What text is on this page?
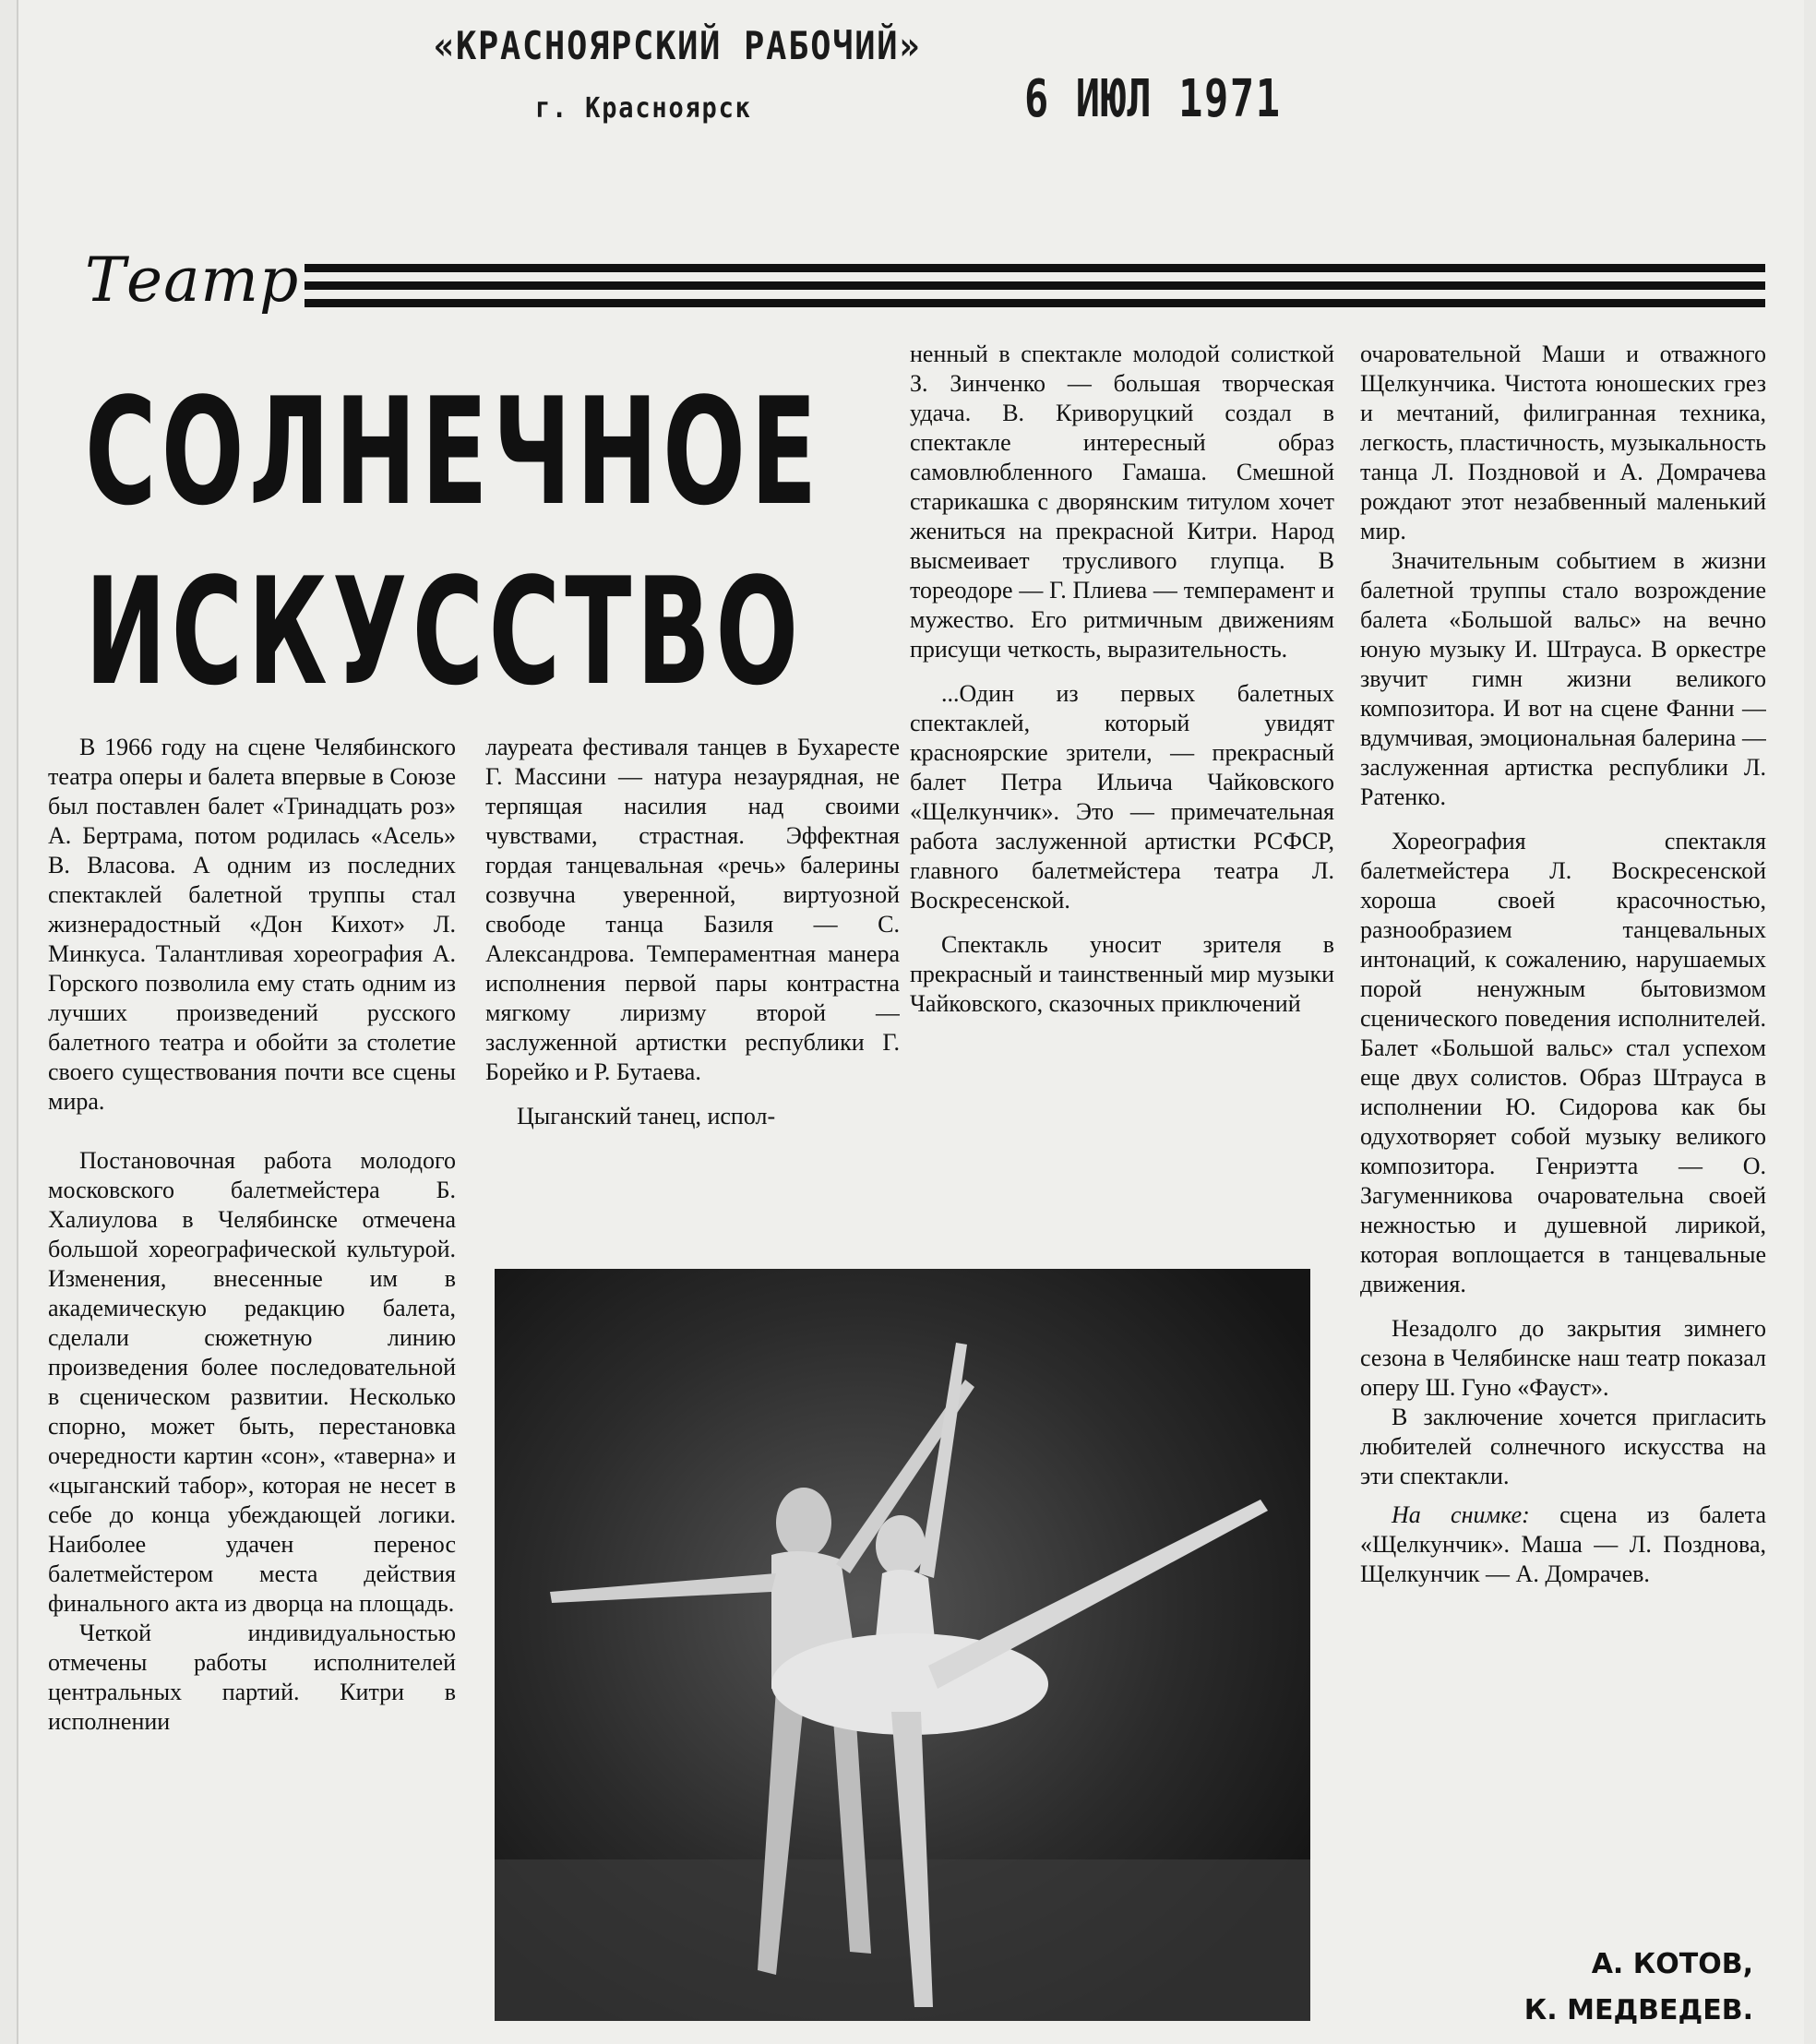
«КРАСНОЯРСКИЙ РАБОЧИЙ»
г. Красноярск	6 ИЮЛ 1971
Театр
СОЛНЕЧНОЕ
ИСКУССТВО

В 1966 году на сцене Челябинского театра оперы и балета впервые в Союзе был поставлен балет «Тринадцать роз» А. Бертрама, потом родилась «Асель» В. Власова. А одним из последних спектаклей балетной труппы стал жизнерадостный «Дон Кихот» Л. Минкуса. Талантливая хореография А. Горского позволила ему стать одним из лучших произведений русского балетного театра и обойти за столетие своего существования почти все сцены мира.

Постановочная работа молодого московского балетмейстера Б. Халиулова в Челябинске отмечена большой хореографической культурой. Изменения, внесенные им в академическую редакцию балета, сделали сюжетную линию произведения более последовательной в сценическом развитии. Несколько спорно, может быть, перестановка очередности картин «сон», «таверна» и «цыганский табор», которая не несет в себе до конца убеждающей логики. Наиболее удачен перенос балетмейстером места действия финального акта из дворца на площадь.

Четкой индивидуальностью отмечены работы исполнителей центральных партий. Китри в исполнении

лауреата фестиваля танцев в Бухаресте Г. Массини — натура незаурядная, не терпящая насилия над своими чувствами, страстная. Эффектная гордая танцевальная «речь» балерины созвучна уверенной, виртуозной свободе танца Базиля — С. Александрова. Темпераментная манера исполнения первой пары контрастна мягкому лиризму второй — заслуженной артистки республики Г. Борейко и Р. Бутаева.

Цыганский танец, испол-

ненный в спектакле молодой солисткой З. Зинченко — большая творческая удача. В. Криворуцкий создал в спектакле интересный образ самовлюбленного Гамаша. Смешной старикашка с дворянским титулом хочет жениться на прекрасной Китри. Народ высмеивает трусливого глупца. В тореодоре — Г. Плиева — темперамент и мужество. Его ритмичным движениям присущи четкость, выразительность.

...Один из первых балетных спектаклей, который увидят красноярские зрители, — прекрасный балет Петра Ильича Чайковского «Щелкунчик». Это — примечательная работа заслуженной артистки РСФСР, главного балетмейстера театра Л. Воскресенской.

Спектакль уносит зрителя в прекрасный и таинственный мир музыки Чайковского, сказочных приключений

очаровательной Маши и отважного Щелкунчика. Чистота юношеских грез и мечтаний, филигранная техника, легкость, пластичность, музыкальность танца Л. Поздновой и А. Домрачева рождают этот незабвенный маленький мир.

Значительным событием в жизни балетной труппы стало возрождение балета «Большой вальс» на вечно юную музыку И. Штрауса. В оркестре звучит гимн жизни великого композитора. И вот на сцене Фанни — вдумчивая, эмоциональная балерина — заслуженная артистка республики Л. Ратенко.

Хореография спектакля балетмейстера Л. Воскресенской хороша своей красочностью, разнообразием танцевальных интонаций, к сожалению, нарушаемых порой ненужным бытовизмом сценического поведения исполнителей. Балет «Большой вальс» стал успехом еще двух солистов. Образ Штрауса в исполнении Ю. Сидорова как бы одухотворяет собой музыку великого композитора. Генриэтта — О. Загуменникова очаровательна своей нежностью и душевной лирикой, которая воплощается в танцевальные движения.

Незадолго до закрытия зимнего сезона в Челябинске наш театр показал оперу Ш. Гуно «Фауст».

В заключение хочется пригласить любителей солнечного искусства на эти спектакли.

На снимке: сцена из балета «Щелкунчик». Маша — Л. Позднова, Щелкунчик — А. Домрачев.

А. КОТОВ,
К. МЕДВЕДЕВ.
